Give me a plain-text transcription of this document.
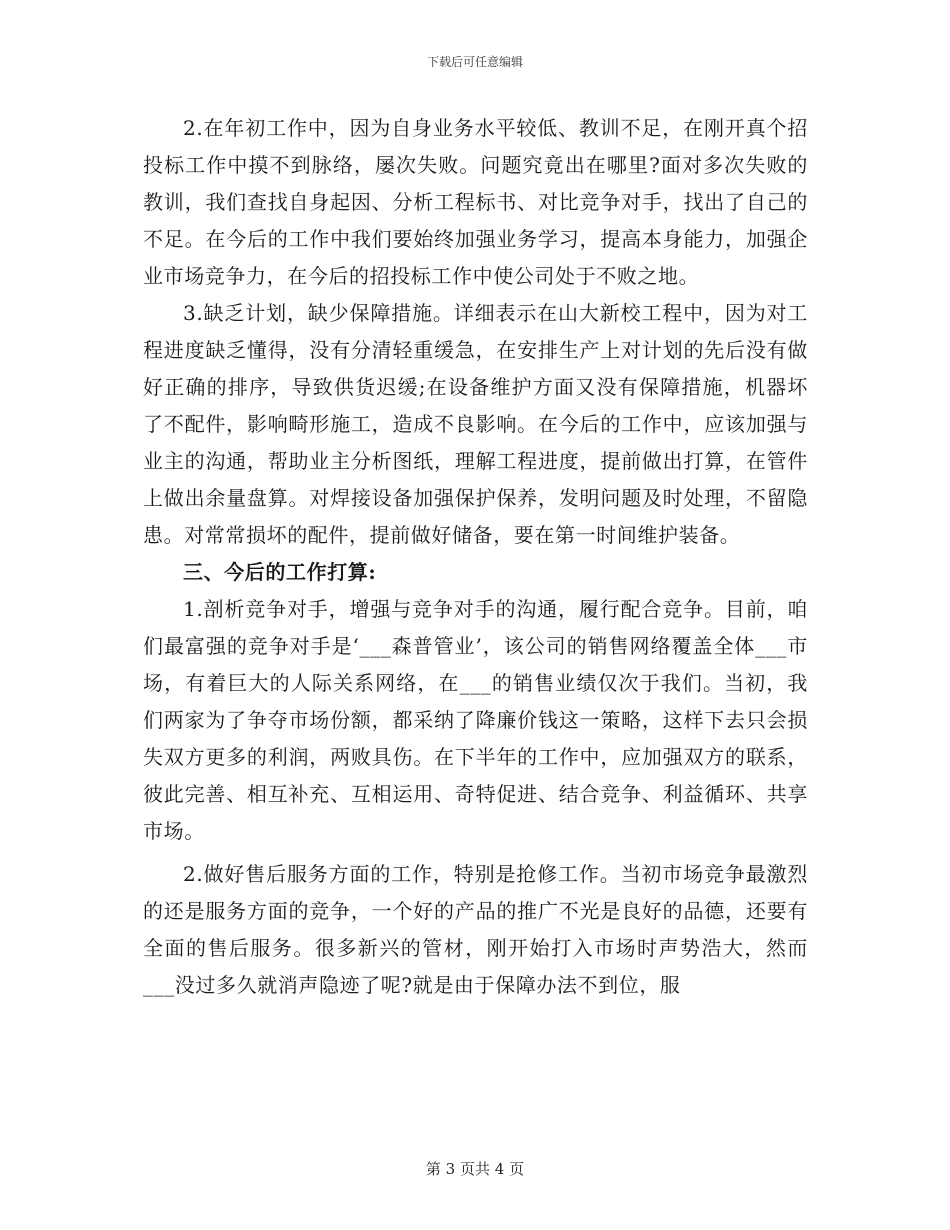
下载后可任意编辑

2.在年初工作中，因为自身业务水平较低、教训不足，在刚开真个招投标工作中摸不到脉络，屡次失败。问题究竟出在哪里?面对多次失败的教训，我们查找自身起因、分析工程标书、对比竞争对手，找出了自己的不足。在今后的工作中我们要始终加强业务学习，提高本身能力，加强企业市场竞争力，在今后的招投标工作中使公司处于不败之地。

3.缺乏计划，缺少保障措施。详细表示在山大新校工程中，因为对工程进度缺乏懂得，没有分清轻重缓急，在安排生产上对计划的先后没有做好正确的排序，导致供货迟缓;在设备维护方面又没有保障措施，机器坏了不配件，影响畸形施工，造成不良影响。在今后的工作中，应该加强与业主的沟通，帮助业主分析图纸，理解工程进度，提前做出打算，在管件上做出余量盘算。对焊接设备加强保护保养，发明问题及时处理，不留隐患。对常常损坏的配件，提前做好储备，要在第一时间维护装备。

三、今后的工作打算:

1.剖析竞争对手，增强与竞争对手的沟通，履行配合竞争。目前，咱们最富强的竞争对手是‘___森普管业’，该公司的销售网络覆盖全体___市场，有着巨大的人际关系网络，在___的销售业绩仅次于我们。当初，我们两家为了争夺市场份额，都采纳了降廉价钱这一策略，这样下去只会损失双方更多的利润，两败具伤。在下半年的工作中，应加强双方的联系，彼此完善、相互补充、互相运用、奇特促进、结合竞争、利益循环、共享市场。

2.做好售后服务方面的工作，特别是抢修工作。当初市场竞争最激烈的还是服务方面的竞争，一个好的产品的推广不光是良好的品德，还要有全面的售后服务。很多新兴的管材，刚开始打入市场时声势浩大，然而___没过多久就消声隐迹了呢?就是由于保障办法不到位，服

第 3 页共 4 页
